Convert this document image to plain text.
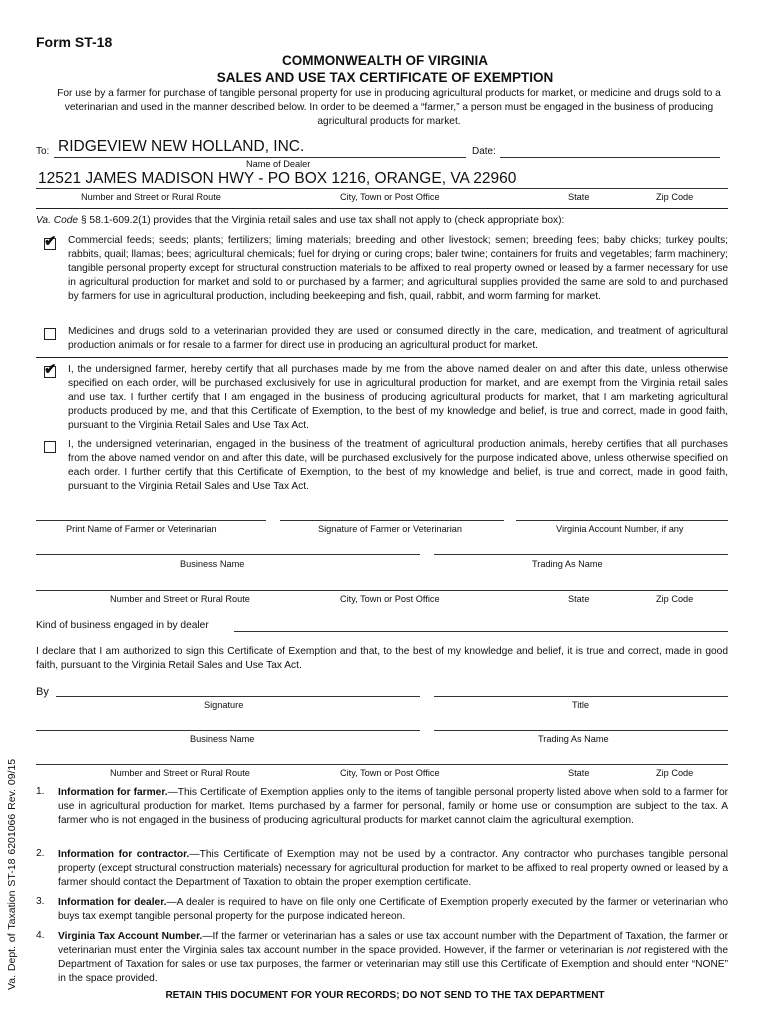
Form ST-18
COMMONWEALTH OF VIRGINIA
SALES AND USE TAX CERTIFICATE OF EXEMPTION
For use by a farmer for purchase of tangible personal property for use in producing agricultural products for market, or medicine and drugs sold to a veterinarian and used in the manner described below. In order to be deemed a “farmer,” a person must be engaged in the business of producing agricultural products for market.
To: RIDGEVIEW NEW HOLLAND, INC.	Date:
Name of Dealer
12521 JAMES MADISON HWY - PO BOX 1216, ORANGE, VA 22960
Number and Street or Rural Route	City, Town or Post Office	State	Zip Code
Va. Code § 58.1-609.2(1) provides that the Virginia retail sales and use tax shall not apply to (check appropriate box):
✔ Commercial feeds; seeds; plants; fertilizers; liming materials; breeding and other livestock; semen; breeding fees; baby chicks; turkey poults; rabbits, quail; llamas; bees; agricultural chemicals; fuel for drying or curing crops; baler twine; containers for fruits and vegetables; farm machinery; tangible personal property except for structural construction materials to be affixed to real property owned or leased by a farmer necessary for use in agricultural production for market and sold to or purchased by a farmer; and agricultural supplies provided the same are sold to and purchased by farmers for use in agricultural production, including beekeeping and fish, quail, rabbit, and worm farming for market.
Medicines and drugs sold to a veterinarian provided they are used or consumed directly in the care, medication, and treatment of agricultural production animals or for resale to a farmer for direct use in producing an agricultural product for market.
✔ I, the undersigned farmer, hereby certify that all purchases made by me from the above named dealer on and after this date, unless otherwise specified on each order, will be purchased exclusively for use in agricultural production for market, and are exempt from the Virginia retail sales and use tax. I further certify that I am engaged in the business of producing agricultural products for market, that I am marketing agricultural products produced by me, and that this Certificate of Exemption, to the best of my knowledge and belief, is true and correct, made in good faith, pursuant to the Virginia Retail Sales and Use Tax Act.
I, the undersigned veterinarian, engaged in the business of the treatment of agricultural production animals, hereby certifies that all purchases from the above named vendor on and after this date, will be purchased exclusively for the purpose indicated above, unless otherwise specified on each order. I further certify that this Certificate of Exemption, to the best of my knowledge and belief, is true and correct, made in good faith, pursuant to the Virginia Retail Sales and Use Tax Act.
Print Name of Farmer or Veterinarian	Signature of Farmer or Veterinarian	Virginia Account Number, if any
Business Name	Trading As Name
Number and Street or Rural Route	City, Town or Post Office	State	Zip Code
Kind of business engaged in by dealer
I declare that I am authorized to sign this Certificate of Exemption and that, to the best of my knowledge and belief, it is true and correct, made in good faith, pursuant to the Virginia Retail Sales and Use Tax Act.
By
Signature	Title
Business Name	Trading As Name
Number and Street or Rural Route	City, Town or Post Office	State	Zip Code
1. Information for farmer.—This Certificate of Exemption applies only to the items of tangible personal property listed above when sold to a farmer for use in agricultural production for market. Items purchased by a farmer for personal, family or home use or consumption are subject to the tax. A farmer who is not engaged in the business of producing agricultural products for market cannot claim the agricultural exemption.
2. Information for contractor.—This Certificate of Exemption may not be used by a contractor. Any contractor who purchases tangible personal property (except structural construction materials) necessary for agricultural production for market to be affixed to real property owned or leased by a farmer should contact the Department of Taxation to obtain the proper exemption certificate.
3. Information for dealer.—A dealer is required to have on file only one Certificate of Exemption properly executed by the farmer or veterinarian who buys tax exempt tangible personal property for the purpose indicated hereon.
4. Virginia Tax Account Number.—If the farmer or veterinarian has a sales or use tax account number with the Department of Taxation, the farmer or veterinarian must enter the Virginia sales tax account number in the space provided. However, if the farmer or veterinarian is not registered with the Department of Taxation for sales or use tax purposes, the farmer or veterinarian may still use this Certificate of Exemption and should enter “NONE” in the space provided.
Va. Dept. of Taxation ST-18 6201066 Rev. 09/15
RETAIN THIS DOCUMENT FOR YOUR RECORDS; DO NOT SEND TO THE TAX DEPARTMENT
